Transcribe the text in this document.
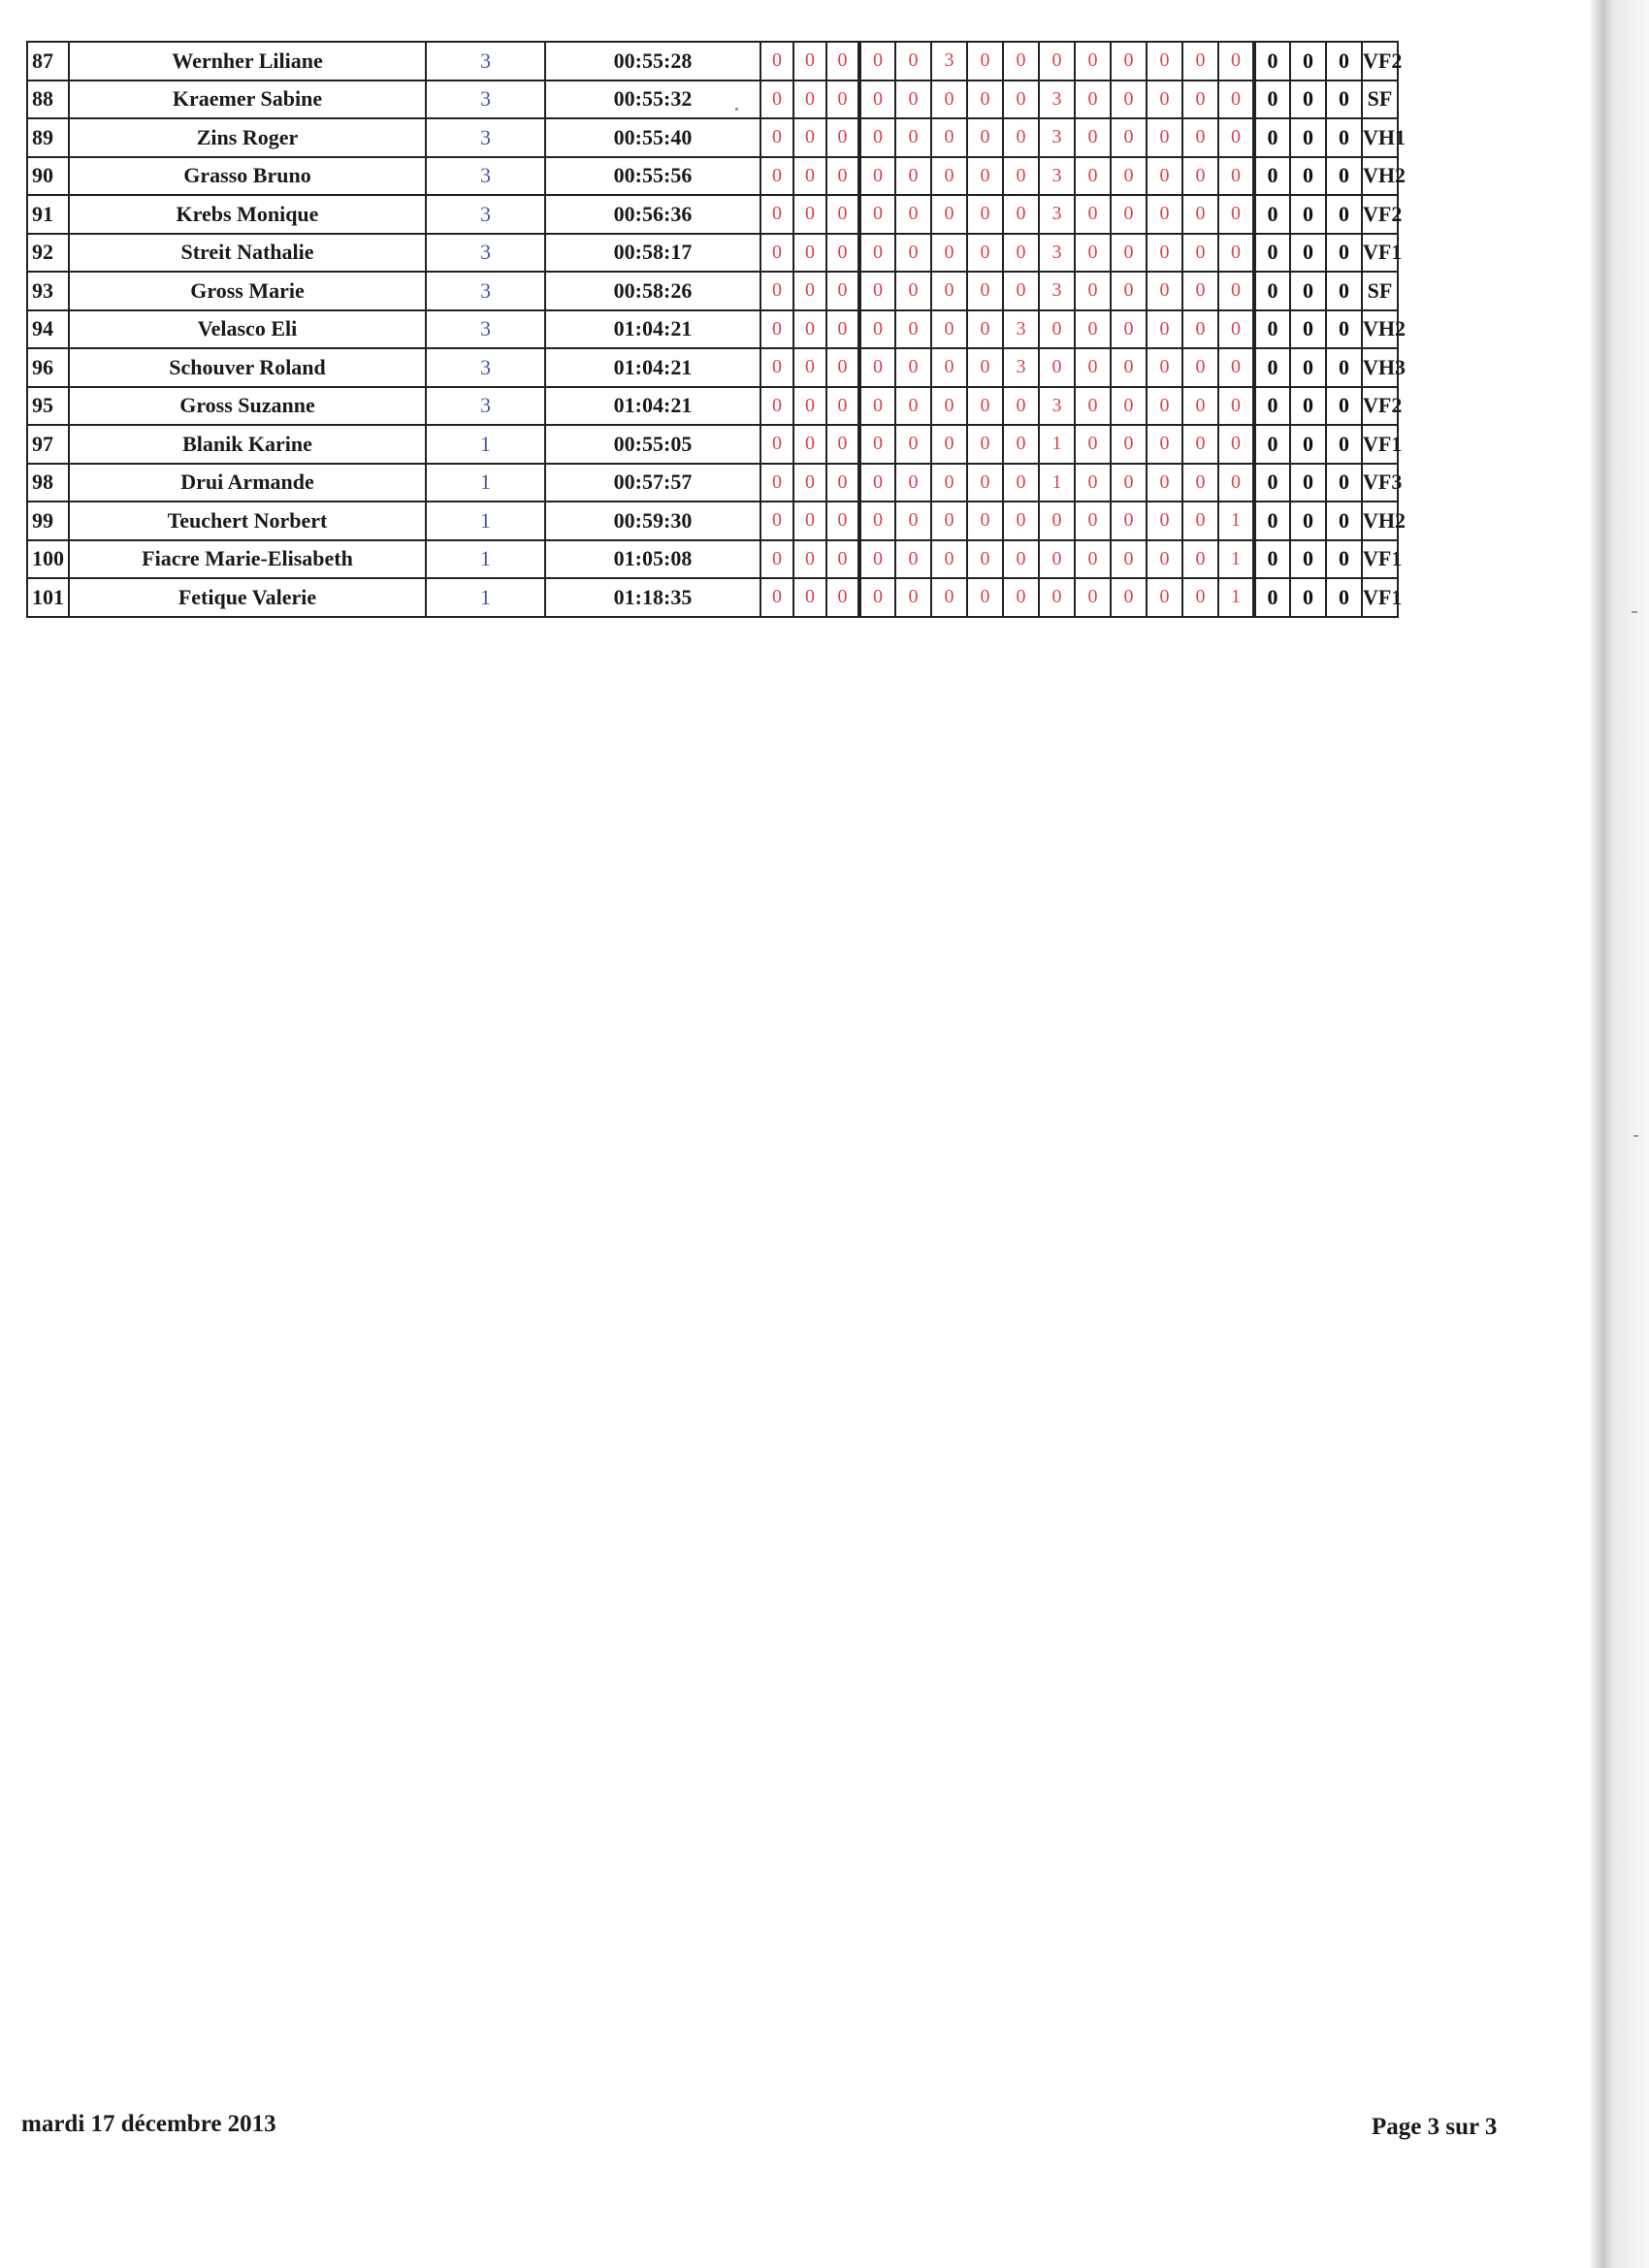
87	Wernher Liliane	3	00:55:28	0	0	0	0	0	3	0	0	0	0	0	0	0	0	0	0	0	VF2
88	Kraemer Sabine	3	00:55:32	0	0	0	0	0	0	0	0	3	0	0	0	0	0	0	0	0	SF
89	Zins Roger	3	00:55:40	0	0	0	0	0	0	0	0	3	0	0	0	0	0	0	0	0	VH1
90	Grasso Bruno	3	00:55:56	0	0	0	0	0	0	0	0	3	0	0	0	0	0	0	0	0	VH2
91	Krebs Monique	3	00:56:36	0	0	0	0	0	0	0	0	3	0	0	0	0	0	0	0	0	VF2
92	Streit Nathalie	3	00:58:17	0	0	0	0	0	0	0	0	3	0	0	0	0	0	0	0	0	VF1
93	Gross Marie	3	00:58:26	0	0	0	0	0	0	0	0	3	0	0	0	0	0	0	0	0	SF
94	Velasco Eli	3	01:04:21	0	0	0	0	0	0	0	3	0	0	0	0	0	0	0	0	0	VH2
96	Schouver Roland	3	01:04:21	0	0	0	0	0	0	0	3	0	0	0	0	0	0	0	0	0	VH3
95	Gross Suzanne	3	01:04:21	0	0	0	0	0	0	0	0	3	0	0	0	0	0	0	0	0	VF2
97	Blanik Karine	1	00:55:05	0	0	0	0	0	0	0	0	1	0	0	0	0	0	0	0	0	VF1
98	Drui Armande	1	00:57:57	0	0	0	0	0	0	0	0	1	0	0	0	0	0	0	0	0	VF3
99	Teuchert Norbert	1	00:59:30	0	0	0	0	0	0	0	0	0	0	0	0	0	1	0	0	0	VH2
100	Fiacre Marie-Elisabeth	1	01:05:08	0	0	0	0	0	0	0	0	0	0	0	0	0	1	0	0	0	VF1
101	Fetique Valerie	1	01:18:35	0	0	0	0	0	0	0	0	0	0	0	0	0	1	0	0	0	VF1
mardi 17 décembre 2013	Page 3 sur 3
